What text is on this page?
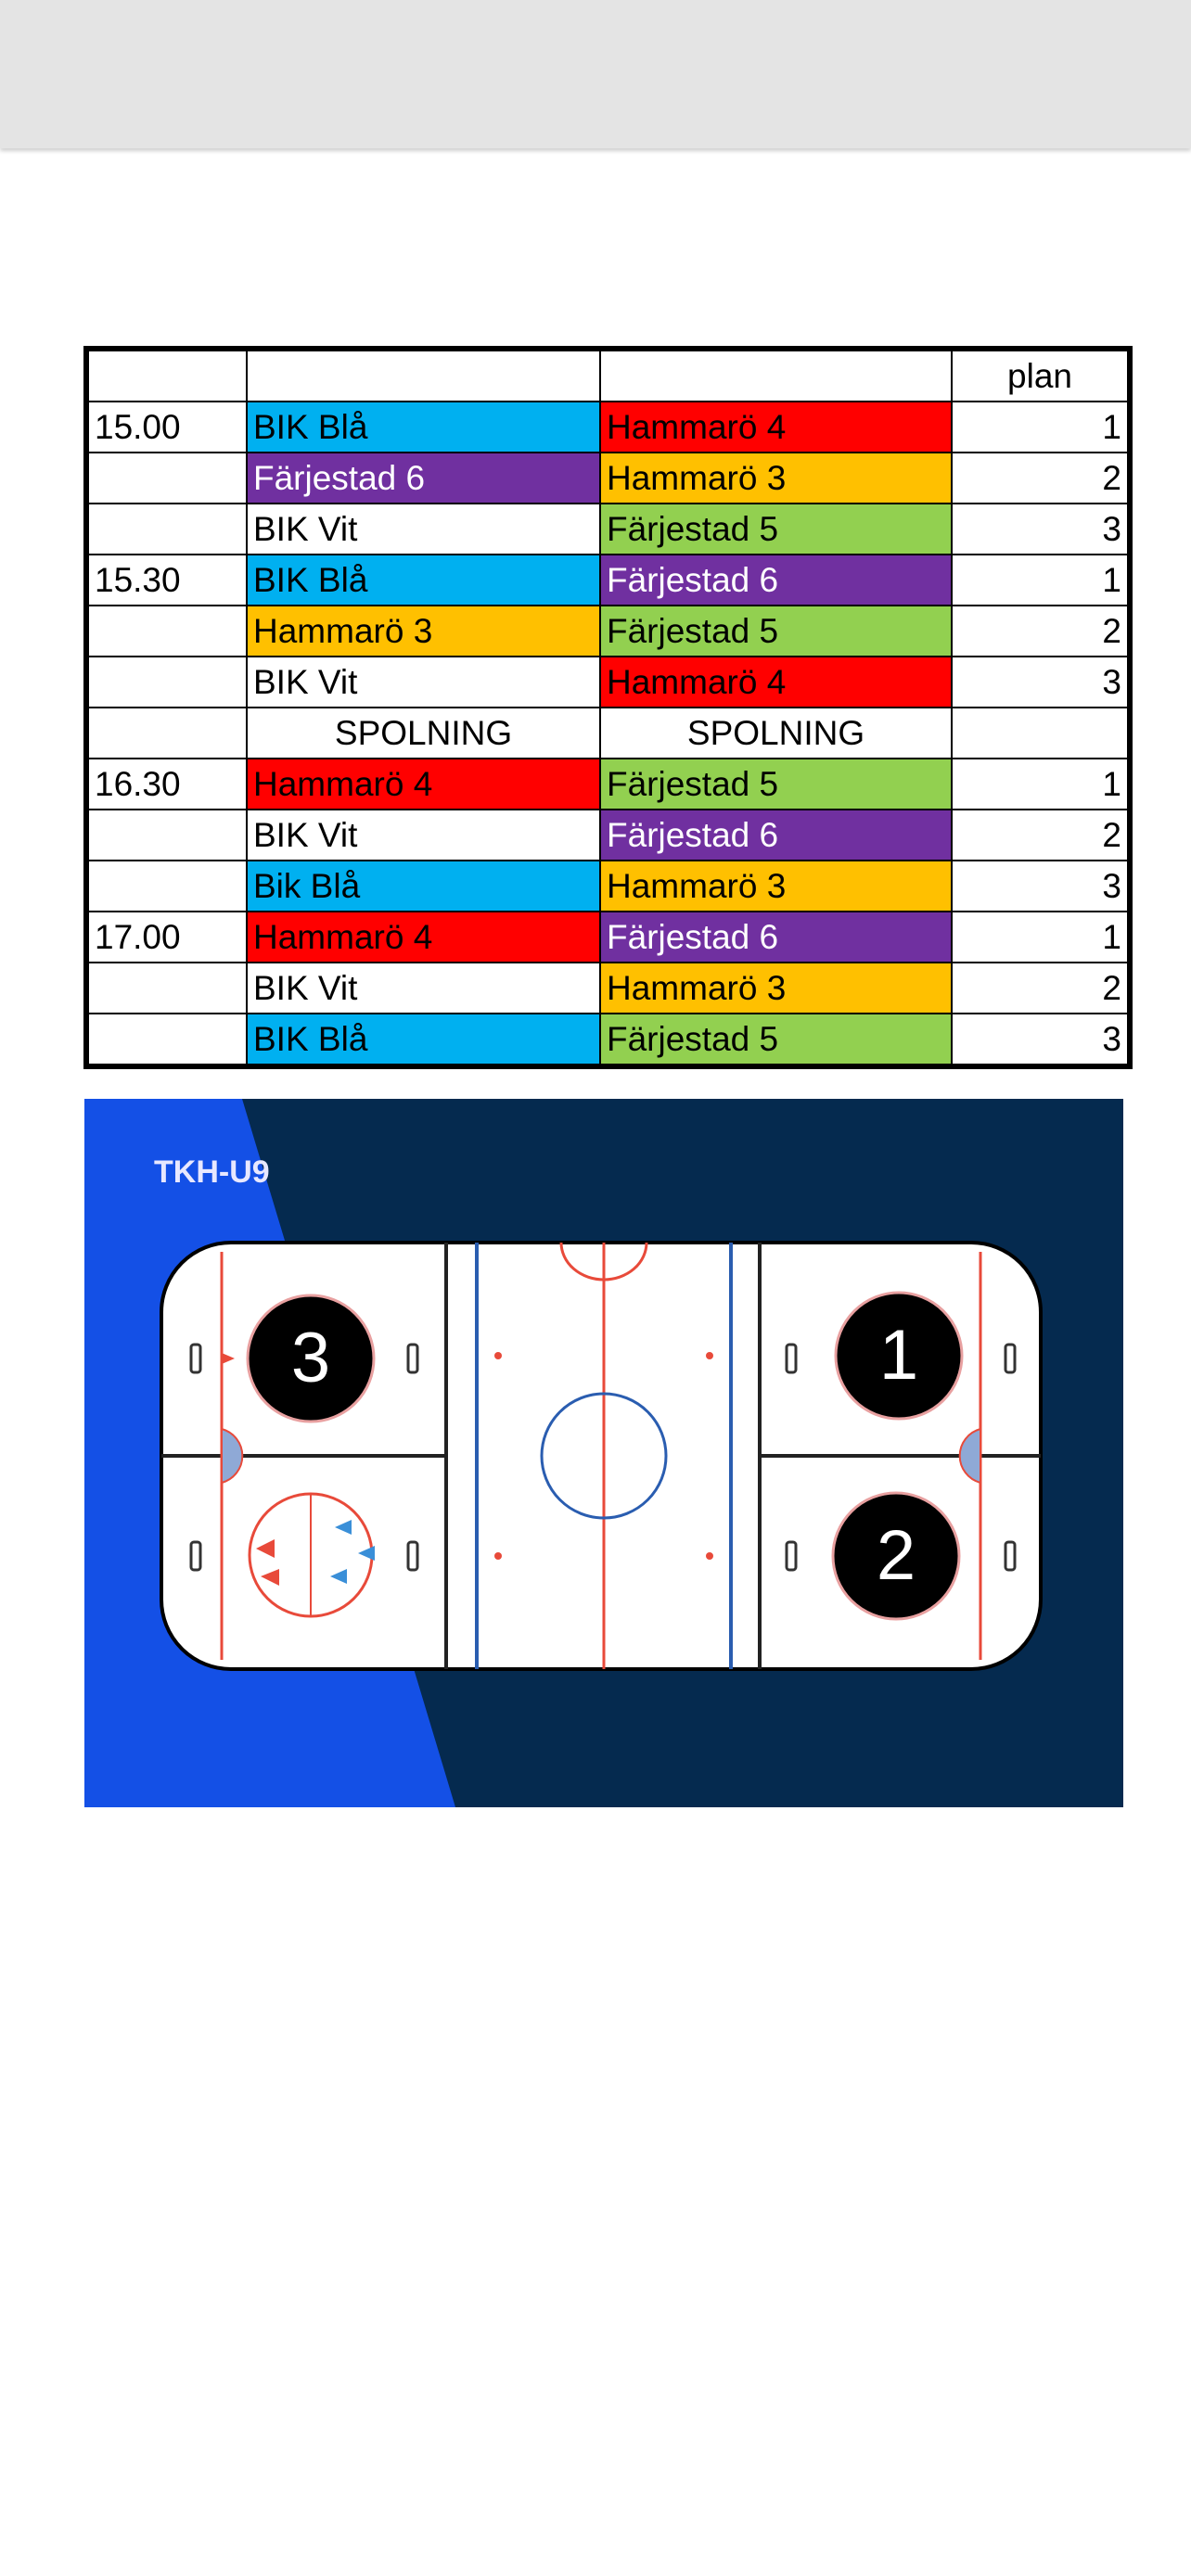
			plan
15.00	BIK Blå	Hammarö 4	1
	Färjestad 6	Hammarö 3	2
	BIK Vit	Färjestad 5	3
15.30	BIK Blå	Färjestad 6	1
	Hammarö 3	Färjestad 5	2
	BIK Vit	Hammarö 4	3
	SPOLNING	SPOLNING	
16.30	Hammarö 4	Färjestad 5	1
	BIK Vit	Färjestad 6	2
	Bik Blå	Hammarö 3	3
17.00	Hammarö 4	Färjestad 6	1
	BIK Vit	Hammarö 3	2
	BIK Blå	Färjestad 5	3
TKH-U9
3	1
2
